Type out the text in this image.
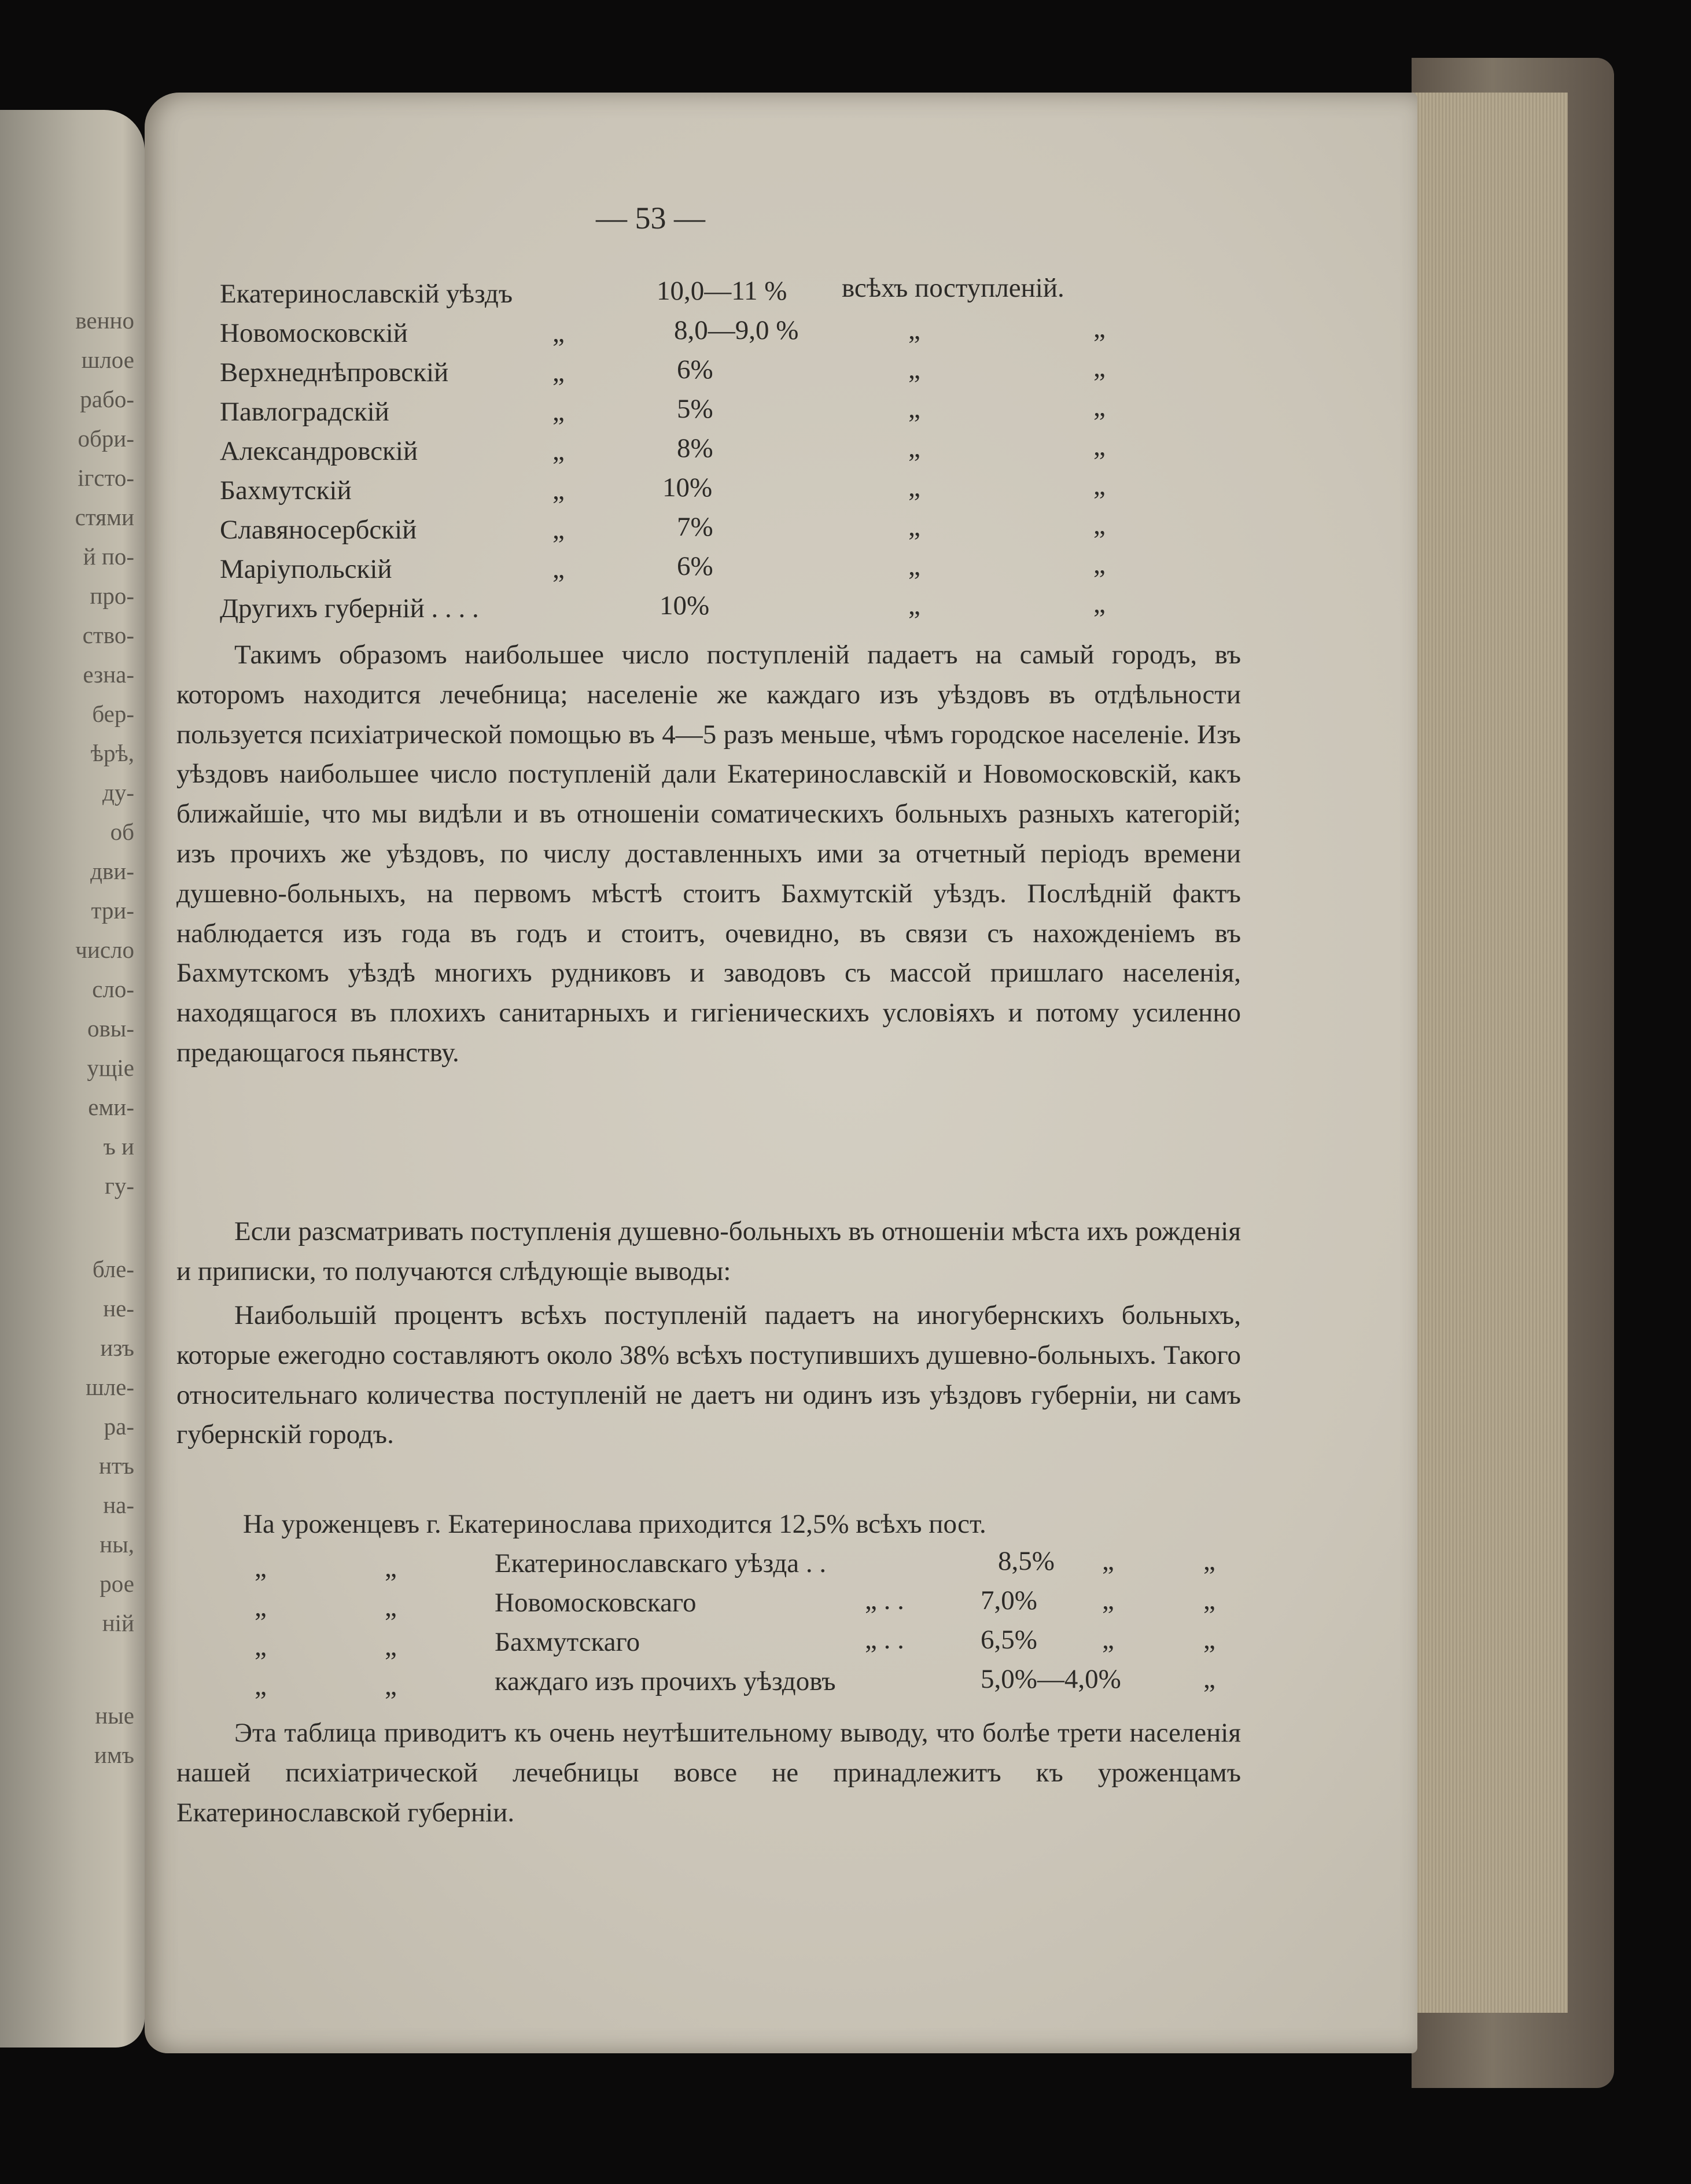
венно
шлое
рабо-
обри-
ігсто-
стями
й по-
про-
ство-
езна-
бер-
ѣрѣ,
ду-
об
дви-
три-
число
сло-
овы-
ущіе
еми-
ъ и
гу-
бле-
не-
изъ
шле-
ра-
нтъ
на-
ны,
рое
ній
ные
имъ
— 53 —
Екатеринославскій уѣздъ	10,0—11 % всѣхъ поступленій.
Новомосковскій	„	8,0—9,0 %	„	„
Верхнеднѣпровскій	„	6%	„	„
Павлоградскій	„	5%	„	„
Александровскій	„	8%	„	„
Бахмутскій	„	10%	„	„
Славяносербскій	„	7%	„	„
Маріупольскій	„	6%	„	„
Другихъ губерній . . . .	10%	„	„
Такимъ образомъ наибольшее число поступленій падаетъ на самый городъ, въ которомъ находится лечебница; населеніе же каждаго изъ уѣздовъ въ отдѣльности пользуется психіатрической помощью въ 4—5 разъ меньше, чѣмъ городское населеніе. Изъ уѣздовъ наибольшее число поступленій дали Екатеринославскій и Новомосковскій, какъ ближайшіе, что мы видѣли и въ отношеніи соматическихъ больныхъ разныхъ категорій; изъ прочихъ же уѣздовъ, по числу доставленныхъ ими за отчетный періодъ времени душевно-больныхъ, на первомъ мѣстѣ стоитъ Бахмутскій уѣздъ. Послѣдній фактъ наблюдается изъ года въ годъ и стоитъ, очевидно, въ связи съ нахожденіемъ въ Бахмутскомъ уѣздѣ многихъ рудниковъ и заводовъ съ массой пришлаго населенія, находящагося въ плохихъ санитарныхъ и гигіеническихъ условіяхъ и потому усиленно предающагося пьянству.
Если разсматривать поступленія душевно-больныхъ въ отношеніи мѣста ихъ рожденія и приписки, то получаются слѣдующіе выводы:
Наибольшій процентъ всѣхъ поступленій падаетъ на иногубернскихъ больныхъ, которые ежегодно составляютъ около 38% всѣхъ поступившихъ душевно-больныхъ. Такого относительнаго количества поступленій не даетъ ни одинъ изъ уѣздовъ губерніи, ни самъ губернскій городъ.
На уроженцевъ г. Екатеринослава приходится 12,5% всѣхъ пост.
„	„	Екатеринославскаго уѣзда . .	8,5% „	„
„	„	Новомосковскаго	„ . .	7,0% „	„
„	„	Бахмутскаго	„ . .	6,5% „	„
„	„	каждаго изъ прочихъ уѣздовъ	5,0%—4,0%	„
Эта таблица приводитъ къ очень неутѣшительному выводу, что болѣе трети населенія нашей психіатрической лечебницы вовсе не принадлежитъ къ уроженцамъ Екатеринославской губерніи.
